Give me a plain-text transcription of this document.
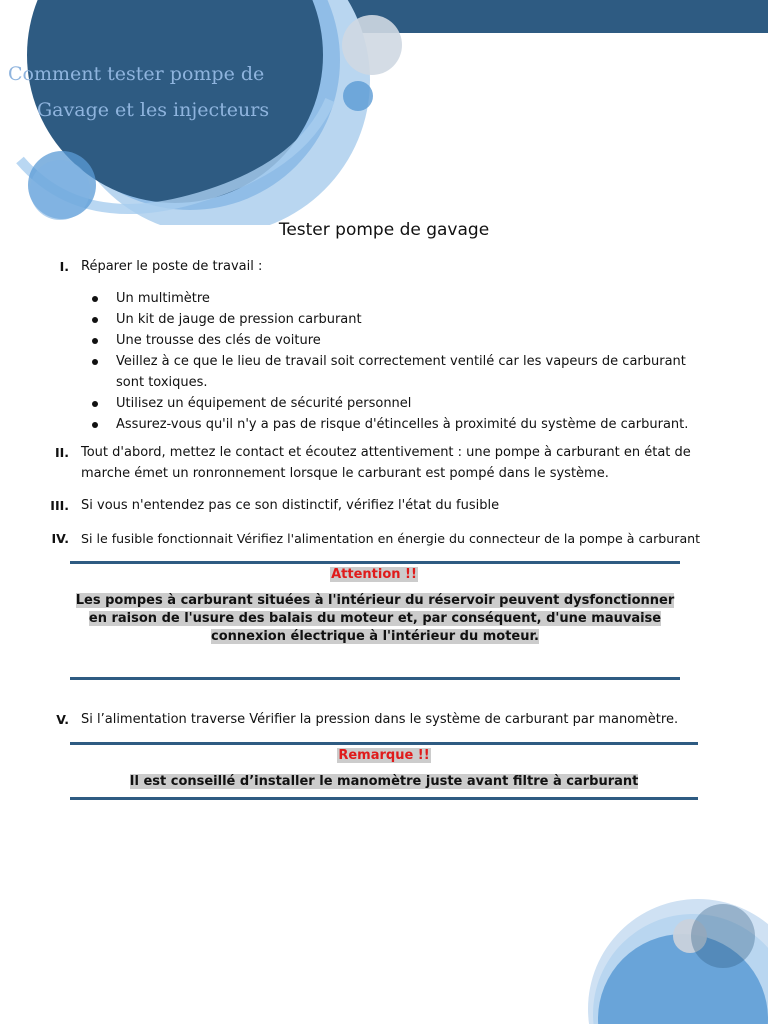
Comment tester pompe de
Gavage et les injecteurs
Tester pompe de gavage
I. Réparer le poste de travail :
Un multimètre
Un kit de jauge de pression carburant
Une trousse des clés de voiture
Veillez à ce que le lieu de travail soit correctement ventilé car les vapeurs de carburant sont toxiques.
Utilisez un équipement de sécurité personnel
Assurez-vous qu'il n'y a pas de risque d'étincelles à proximité du système de carburant.
II. Tout d'abord, mettez le contact et écoutez attentivement : une pompe à carburant en état de marche émet un ronronnement lorsque le carburant est pompé dans le système.
III. Si vous n'entendez pas ce son distinctif, vérifiez l'état du fusible
IV. Si le fusible fonctionnait Vérifiez l'alimentation en énergie du connecteur de la pompe à carburant
Attention !!
Les pompes à carburant situées à l'intérieur du réservoir peuvent dysfonctionner en raison de l'usure des balais du moteur et, par conséquent, d'une mauvaise connexion électrique à l'intérieur du moteur.
V. Si l’alimentation traverse Vérifier la pression dans le système de carburant par manomètre.
Remarque !!
Il est conseillé d’installer le manomètre juste avant filtre à carburant
